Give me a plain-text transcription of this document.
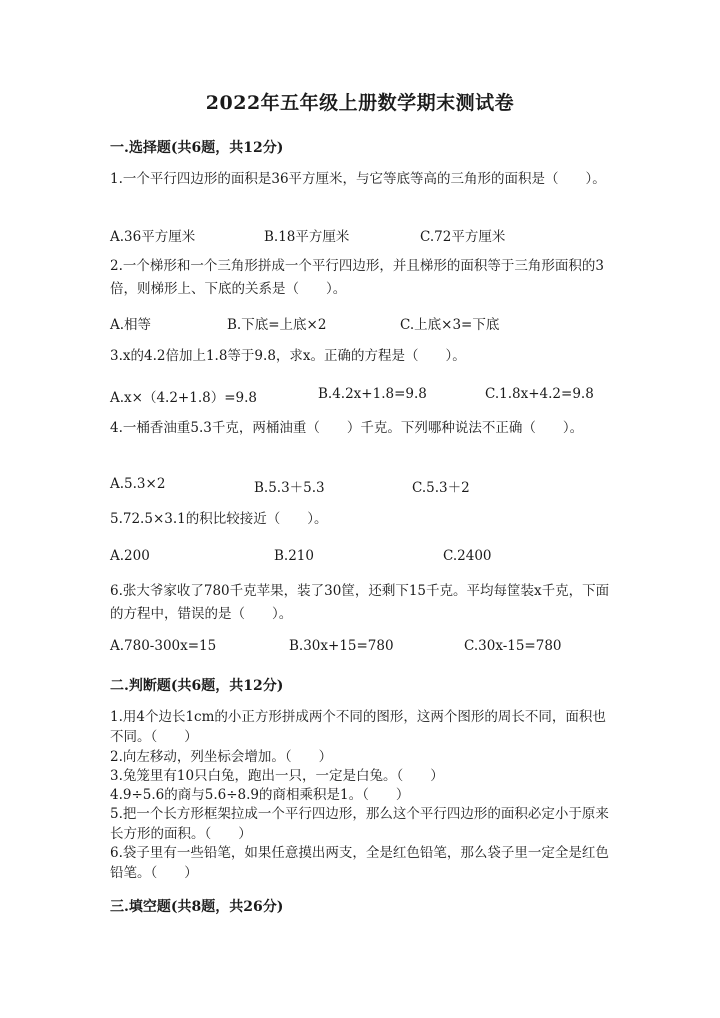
2022年五年级上册数学期末测试卷
一.选择题(共6题，共12分)
1.一个平行四边形的面积是36平方厘米，与它等底等高的三角形的面积是（　　）。
A.36平方厘米	B.18平方厘米	C.72平方厘米
2.一个梯形和一个三角形拼成一个平行四边形，并且梯形的面积等于三角形面积的3倍，则梯形上、下底的关系是（　　）。
A.相等	B.下底=上底×2	C.上底×3=下底
3.x的4.2倍加上1.8等于9.8，求x。正确的方程是（　　）。
A.x×（4.2+1.8）=9.8	B.4.2x+1.8=9.8	C.1.8x+4.2=9.8
4.一桶香油重5.3千克，两桶油重（　　）千克。下列哪种说法不正确（　　）。
A.5.3×2	B.5.3＋5.3	C.5.3＋2
5.72.5×3.1的积比较接近（　　）。
A.200	B.210	C.2400
6.张大爷家收了780千克苹果，装了30筐，还剩下15千克。平均每筐装x千克，下面的方程中，错误的是（　　）。
A.780-300x=15	B.30x+15=780	C.30x-15=780
二.判断题(共6题，共12分)
1.用4个边长1cm的小正方形拼成两个不同的图形，这两个图形的周长不同，面积也不同。（　　）
2.向左移动，列坐标会增加。（　　）
3.兔笼里有10只白兔，跑出一只，一定是白兔。（　　）
4.9÷5.6的商与5.6÷8.9的商相乘积是1。（　　）
5.把一个长方形框架拉成一个平行四边形，那么这个平行四边形的面积必定小于原来长方形的面积。（　　）
6.袋子里有一些铅笔，如果任意摸出两支，全是红色铅笔，那么袋子里一定全是红色铅笔。（　　）
三.填空题(共8题，共26分)
